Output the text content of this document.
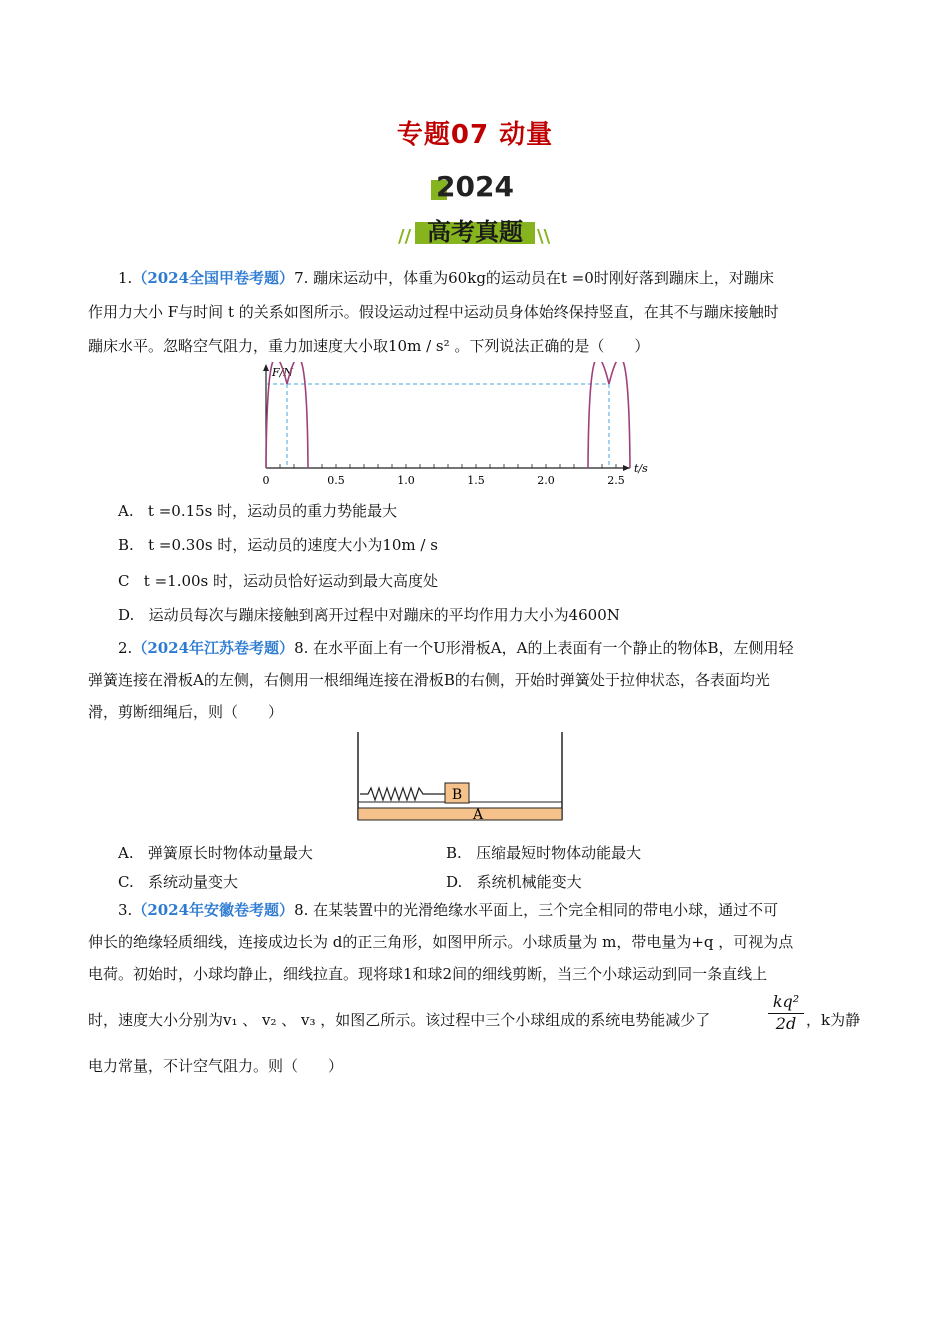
专题07 动量
2024
//	\\
高考真题
1.（2024全国甲卷考题）7. 蹦床运动中，体重为60kg的运动员在t =0时刚好落到蹦床上，对蹦床
作用力大小 F与时间 t 的关系如图所示。假设运动过程中运动员身体始终保持竖直，在其不与蹦床接触时
蹦床水平。忽略空气阻力，重力加速度大小取10m / s² 。下列说法正确的是（　　）
F/N
t/s
0	0.5	1.0	1.5	2.0	2.5
A. t =0.15s 时，运动员的重力势能最大
B. t =0.30s 时，运动员的速度大小为10m / s
C t =1.00s 时，运动员恰好运动到最大高度处
D. 运动员每次与蹦床接触到离开过程中对蹦床的平均作用力大小为4600N
2.（2024年江苏卷考题）8. 在水平面上有一个U形滑板A，A的上表面有一个静止的物体B，左侧用轻
弹簧连接在滑板A的左侧，右侧用一根细绳连接在滑板B的右侧，开始时弹簧处于拉伸状态，各表面均光
滑，剪断细绳后，则（　　）
B
A
A. 弹簧原长时物体动量最大	B. 压缩最短时物体动能最大
C. 系统动量变大	D. 系统机械能变大
3.（2024年安徽卷考题）8. 在某装置中的光滑绝缘水平面上，三个完全相同的带电小球，通过不可
伸长的绝缘轻质细线，连接成边长为 d的正三角形，如图甲所示。小球质量为 m，带电量为+q ，可视为点
电荷。初始时，小球均静止，细线拉直。现将球1和球2间的细线剪断，当三个小球运动到同一条直线上
时，速度大小分别为v₁ 、 v₂ 、 v₃ ，如图乙所示。该过程中三个小球组成的系统电势能减少了	$\frac{\text{kq²}}{2d}$ ，k为静
电力常量，不计空气阻力。则（　　）
